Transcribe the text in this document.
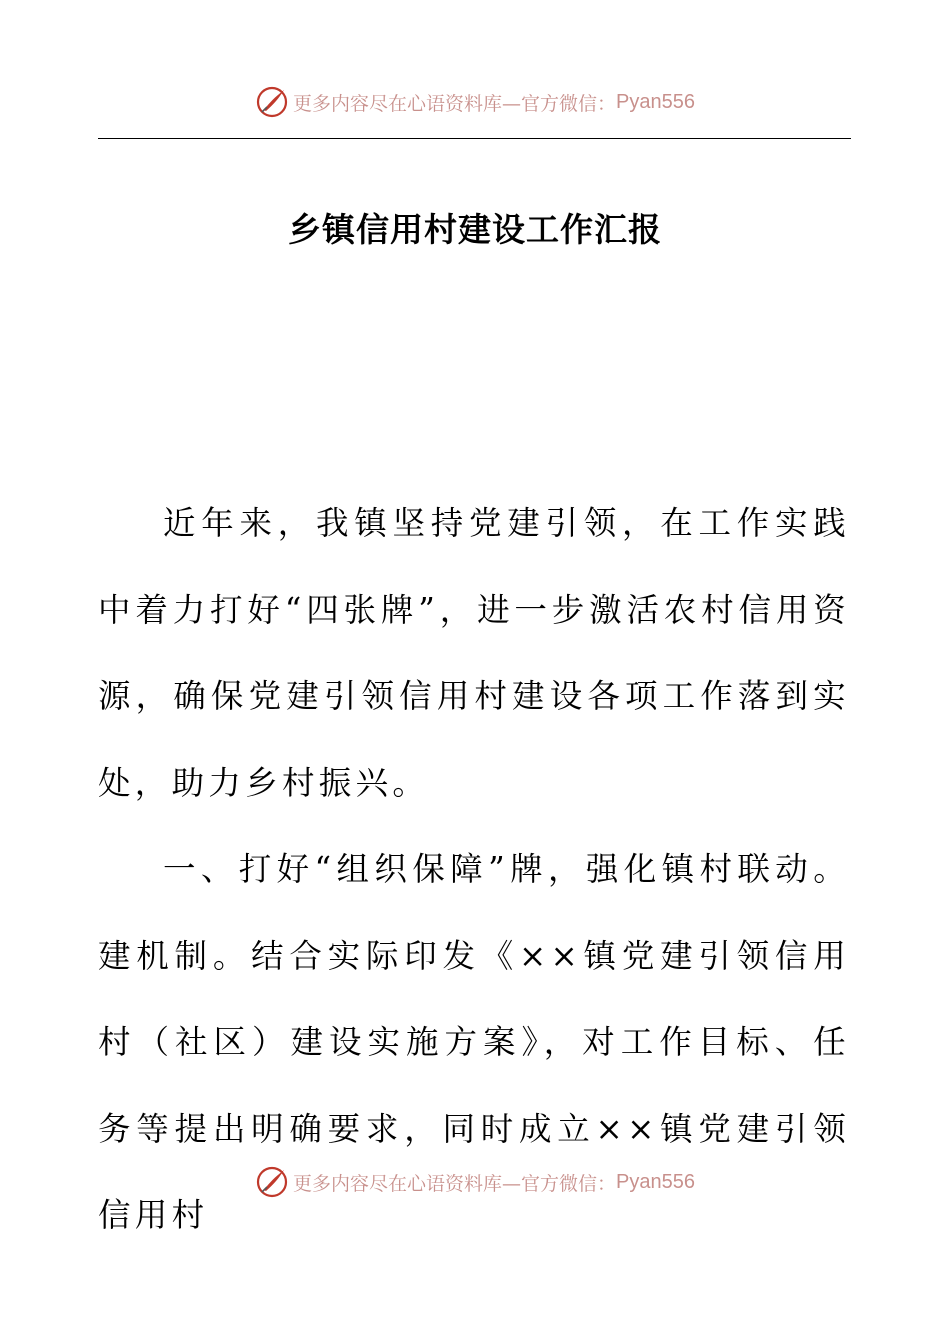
更多内容尽在心语资料库—官方微信： Pyan556
乡镇信用村建设工作汇报

近年来，我镇坚持党建引领，在工作实践中着力打好“四张牌”，进一步激活农村信用资源，确保党建引领信用村建设各项工作落到实处，助力乡村振兴。

一、打好“组织保障”牌，强化镇村联动。建机制。结合实际印发《××镇党建引领信用村（社区）建设实施方案》，对工作目标、任务等提出明确要求，同时成立××镇党建引领信用村

更多内容尽在心语资料库—官方微信： Pyan556
